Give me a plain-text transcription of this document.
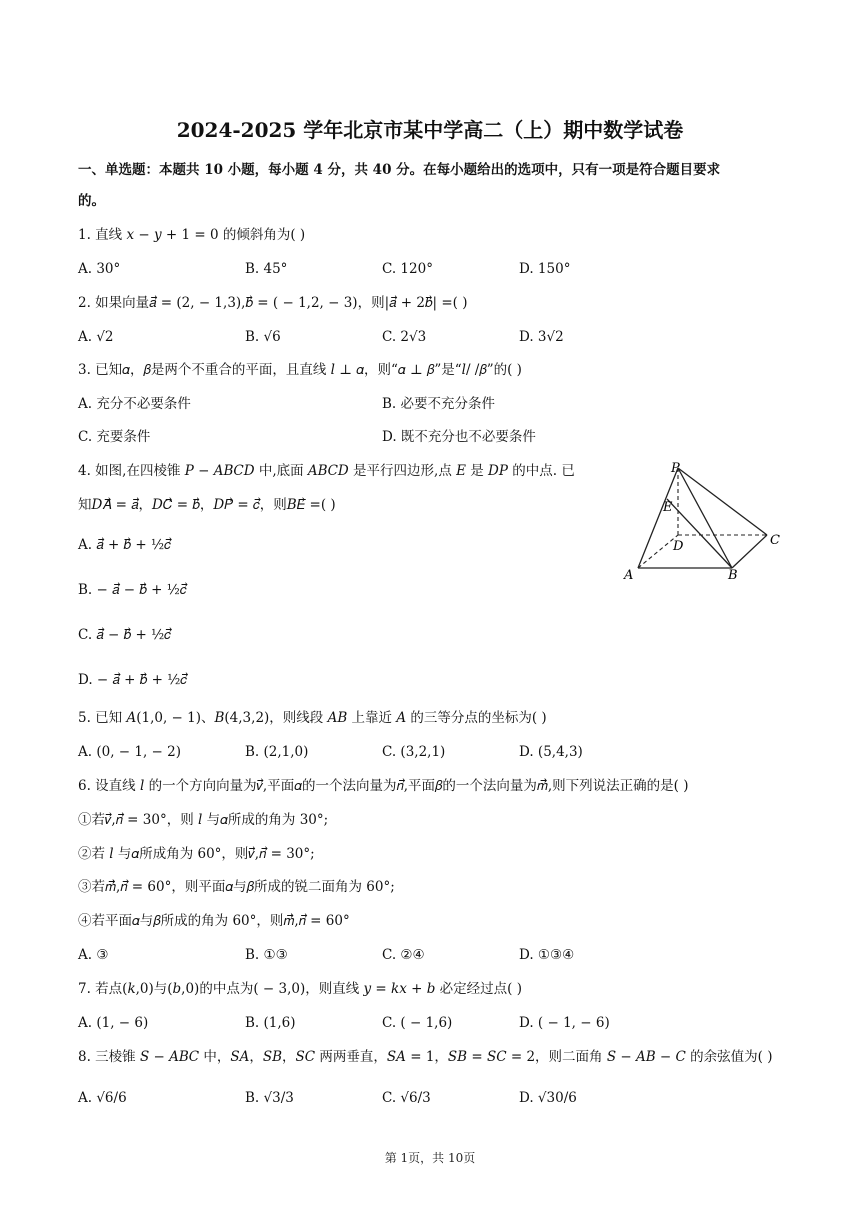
2024-2025 学年北京市某中学高二（上）期中数学试卷
一、单选题：本题共 10 小题，每小题 4 分，共 40 分。在每小题给出的选项中，只有一项是符合题目要求
的。
1. 直线 𝑥 − 𝑦 + 1 = 0 的倾斜角为( )
A. 30°	B. 45°	C. 120°	D. 150°
2. 如果向量𝑎⃗ = (2, − 1,3),𝑏⃗ = ( − 1,2, − 3)，则|𝑎⃗ + 2𝑏⃗| =( )
A. √2	B. √6	C. 2√3	D. 3√2
3. 已知𝛼，𝛽是两个不重合的平面，且直线 𝑙 ⊥ 𝛼，则“𝛼 ⊥ 𝛽”是“𝑙/ /𝛽”的( )
A. 充分不必要条件	B. 必要不充分条件
C. 充要条件	D. 既不充分也不必要条件
4. 如图,在四棱锥 𝑃 − 𝐴𝐵𝐶𝐷 中,底面 𝐴𝐵𝐶𝐷 是平行四边形,点 𝐸 是 𝐷𝑃 的中点. 已
知𝐷𝐴⃗ = 𝑎⃗，𝐷𝐶⃗ = 𝑏⃗，𝐷𝑃⃗ = 𝑐⃗，则𝐵𝐸⃗ =( )
A. 𝑎⃗ + 𝑏⃗ + ½𝑐⃗
B. − 𝑎⃗ − 𝑏⃗ + ½𝑐⃗
C. 𝑎⃗ − 𝑏⃗ + ½𝑐⃗
D. − 𝑎⃗ + 𝑏⃗ + ½𝑐⃗
P
E
D	C
A	B
5. 已知 𝐴(1,0, − 1)、𝐵(4,3,2)，则线段 𝐴𝐵 上靠近 𝐴 的三等分点的坐标为( )
A. (0, − 1, − 2)	B. (2,1,0)	C. (3,2,1)	D. (5,4,3)
6. 设直线 𝑙 的一个方向向量为𝑣⃗,平面𝛼的一个法向量为𝑛⃗,平面𝛽的一个法向量为𝑚⃗⃗,则下列说法正确的是( )
①若𝑣⃗,𝑛⃗ = 30°，则 𝑙 与𝛼所成的角为 30°;
②若 𝑙 与𝛼所成角为 60°，则𝑣⃗,𝑛⃗ = 30°;
③若𝑚⃗⃗,𝑛⃗ = 60°，则平面𝛼与𝛽所成的锐二面角为 60°;
④若平面𝛼与𝛽所成的角为 60°，则𝑚⃗⃗,𝑛⃗ = 60°
A. ③	B. ①③	C. ②④	D. ①③④
7. 若点(𝑘,0)与(𝑏,0)的中点为( − 3,0)，则直线 𝑦 = 𝑘𝑥 + 𝑏 必定经过点( )
A. (1, − 6)	B. (1,6)	C. ( − 1,6)	D. ( − 1, − 6)
8. 三棱锥 𝑆 − 𝐴𝐵𝐶 中，𝑆𝐴，𝑆𝐵，𝑆𝐶 两两垂直，𝑆𝐴 = 1，𝑆𝐵 = 𝑆𝐶 = 2，则二面角 𝑆 − 𝐴𝐵 − 𝐶 的余弦值为( )
A. √6/6	B. √3/3	C. √6/3	D. √30/6
第 1页，共 10页
